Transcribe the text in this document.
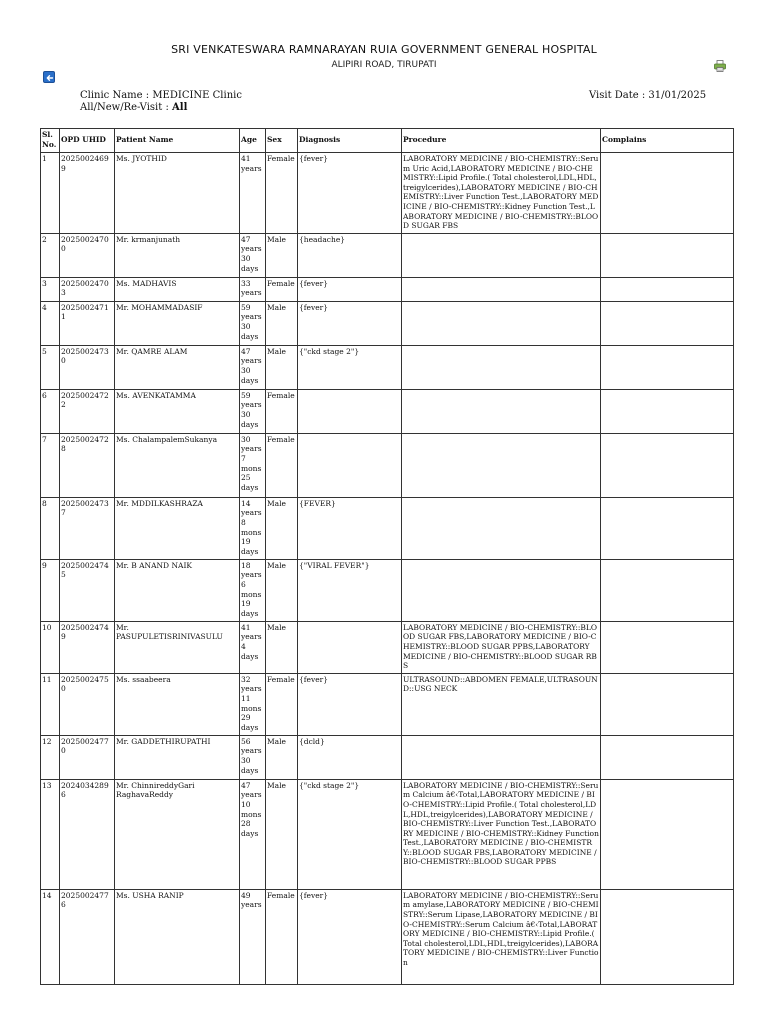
SRI VENKATESWARA RAMNARAYAN RUIA GOVERNMENT GENERAL HOSPITAL
ALIPIRI ROAD, TIRUPATI
Clinic Name : MEDICINE Clinic
All/New/Re-Visit : All
Visit Date : 31/01/2025
Sl. No.	OPD UHID	Patient Name	Age	Sex	Diagnosis	Procedure	Complains
1	20250024699	Ms. JYOTHID	41 years	Female	{fever}	LABORATORY MEDICINE / BIO-CHEMISTRY::Serum Uric Acid,LABORATORY MEDICINE / BIO-CHEMISTRY::Lipid Profile.( Total cholesterol,LDL,HDL,treigylcerides),LABORATORY MEDICINE / BIO-CHEMISTRY::Liver Function Test.,LABORATORY MEDICINE / BIO-CHEMISTRY::Kidney Function Test.,LABORATORY MEDICINE / BIO-CHEMISTRY::BLOOD SUGAR FBS	
2	20250024700	Mr. krmanjunath	47 years 30 days	Male	{headache}		
3	20250024703	Ms. MADHAVIS	33 years	Female	{fever}		
4	20250024711	Mr. MOHAMMADASIF	59 years 30 days	Male	{fever}		
5	20250024730	Mr. QAMRE ALAM	47 years 30 days	Male	{"ckd stage 2"}		
6	20250024722	Ms. AVENKATAMMA	59 years 30 days	Female			
7	20250024728	Ms. ChalampalemSukanya	30 years 7 mons 25 days	Female			
8	20250024737	Mr. MDDILKASHRAZA	14 years 8 mons 19 days	Male	{FEVER}		
9	20250024745	Mr. B ANAND NAIK	18 years 6 mons 19 days	Male	{"VIRAL FEVER"}		
10	20250024749	Mr. PASUPULETISRINIVASULU	41 years 4 days	Male		LABORATORY MEDICINE / BIO-CHEMISTRY::BLOOD SUGAR FBS,LABORATORY MEDICINE / BIO-CHEMISTRY::BLOOD SUGAR PPBS,LABORATORY MEDICINE / BIO-CHEMISTRY::BLOOD SUGAR RBS	
11	20250024750	Ms. ssaabeera	32 years 11 mons 29 days	Female	{fever}	ULTRASOUND::ABDOMEN FEMALE,ULTRASOUND::USG NECK	
12	20250024770	Mr. GADDETHIRUPATHI	56 years 30 days	Male	{dcld}		
13	20240342896	Mr. ChinnireddyGari RaghavaReddy	47 years 10 mons 28 days	Male	{"ckd stage 2"}	LABORATORY MEDICINE / BIO-CHEMISTRY::Serum Calcium â€‹Total,LABORATORY MEDICINE / BIO-CHEMISTRY::Lipid Profile.( Total cholesterol,LDL,HDL,treigylcerides),LABORATORY MEDICINE / BIO-CHEMISTRY::Liver Function Test.,LABORATORY MEDICINE / BIO-CHEMISTRY::Kidney Function Test.,LABORATORY MEDICINE / BIO-CHEMISTRY::BLOOD SUGAR FBS,LABORATORY MEDICINE / BIO-CHEMISTRY::BLOOD SUGAR PPBS	
14	20250024776	Ms. USHA RANIP	49 years	Female	{fever}	LABORATORY MEDICINE / BIO-CHEMISTRY::Serum amylase,LABORATORY MEDICINE / BIO-CHEMISTRY::Serum Lipase,LABORATORY MEDICINE / BIO-CHEMISTRY::Serum Calcium â€‹Total,LABORATORY MEDICINE / BIO-CHEMISTRY::Lipid Profile.( Total cholesterol,LDL,HDL,treigylcerides),LABORATORY MEDICINE / BIO-CHEMISTRY::Liver Function	
